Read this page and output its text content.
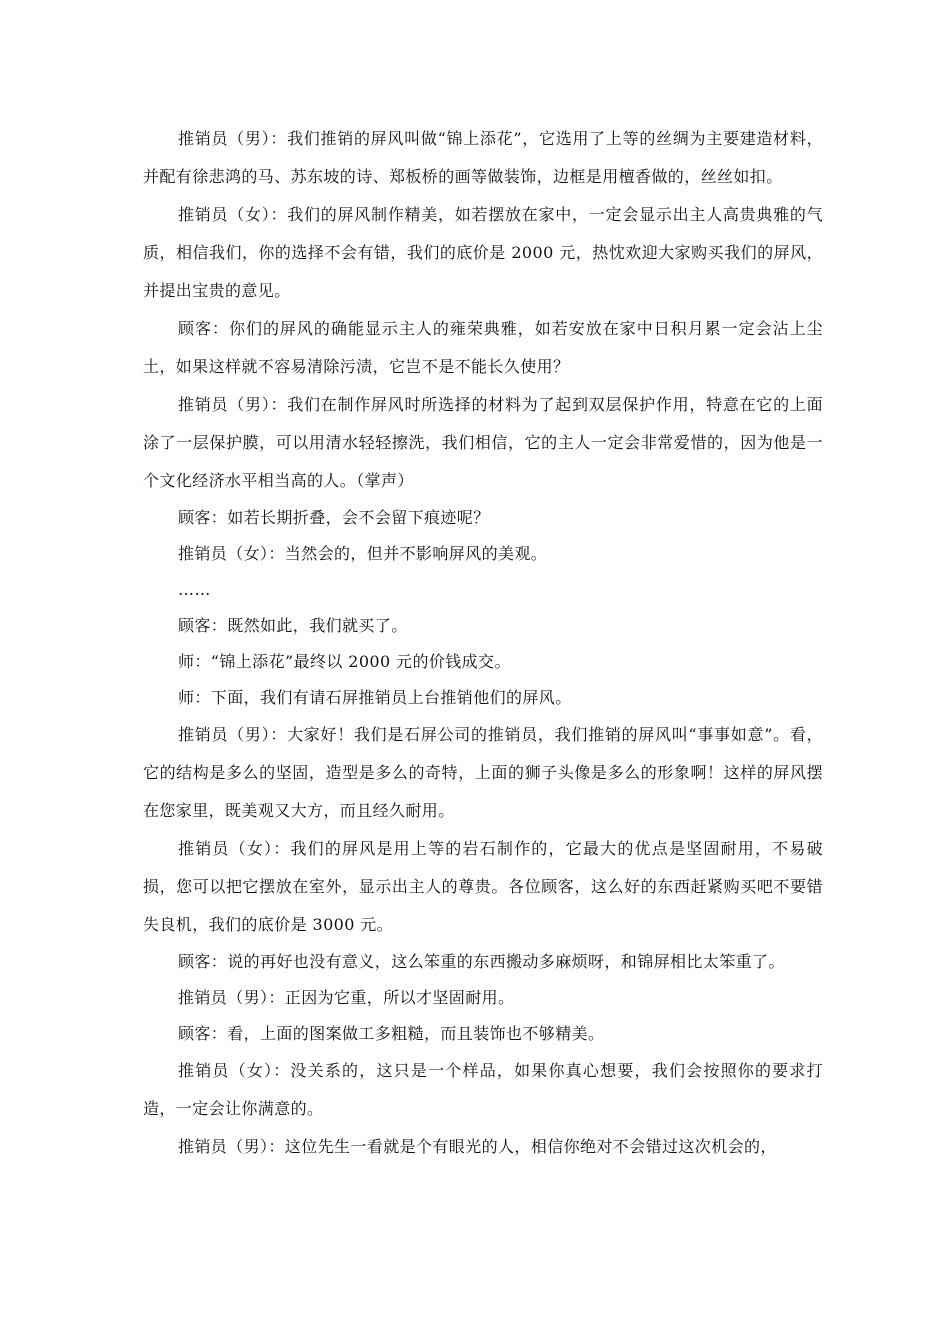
推销员（男）：我们推销的屏风叫做“锦上添花”，它选用了上等的丝绸为主要建造材料，并配有徐悲鸿的马、苏东坡的诗、郑板桥的画等做装饰，边框是用檀香做的，丝丝如扣。

推销员（女）：我们的屏风制作精美，如若摆放在家中，一定会显示出主人高贵典雅的气质，相信我们，你的选择不会有错，我们的底价是 2000 元，热忱欢迎大家购买我们的屏风，并提出宝贵的意见。

顾客：你们的屏风的确能显示主人的雍荣典雅，如若安放在家中日积月累一定会沾上尘土，如果这样就不容易清除污渍，它岂不是不能长久使用？

推销员（男）：我们在制作屏风时所选择的材料为了起到双层保护作用，特意在它的上面涂了一层保护膜，可以用清水轻轻擦洗，我们相信，它的主人一定会非常爱惜的，因为他是一个文化经济水平相当高的人。（掌声）

顾客：如若长期折叠，会不会留下痕迹呢？

推销员（女）：当然会的，但并不影响屏风的美观。

……

顾客：既然如此，我们就买了。

师：“锦上添花”最终以 2000 元的价钱成交。

师：下面，我们有请石屏推销员上台推销他们的屏风。

推销员（男）：大家好！我们是石屏公司的推销员，我们推销的屏风叫“事事如意”。看，它的结构是多么的坚固，造型是多么的奇特，上面的狮子头像是多么的形象啊！这样的屏风摆在您家里，既美观又大方，而且经久耐用。

推销员（女）：我们的屏风是用上等的岩石制作的，它最大的优点是坚固耐用，不易破损，您可以把它摆放在室外，显示出主人的尊贵。各位顾客，这么好的东西赶紧购买吧不要错失良机，我们的底价是 3000 元。

顾客：说的再好也没有意义，这么笨重的东西搬动多麻烦呀，和锦屏相比太笨重了。

推销员（男）：正因为它重，所以才坚固耐用。

顾客：看，上面的图案做工多粗糙，而且装饰也不够精美。

推销员（女）：没关系的，这只是一个样品，如果你真心想要，我们会按照你的要求打造，一定会让你满意的。

推销员（男）：这位先生一看就是个有眼光的人，相信你绝对不会错过这次机会的，
